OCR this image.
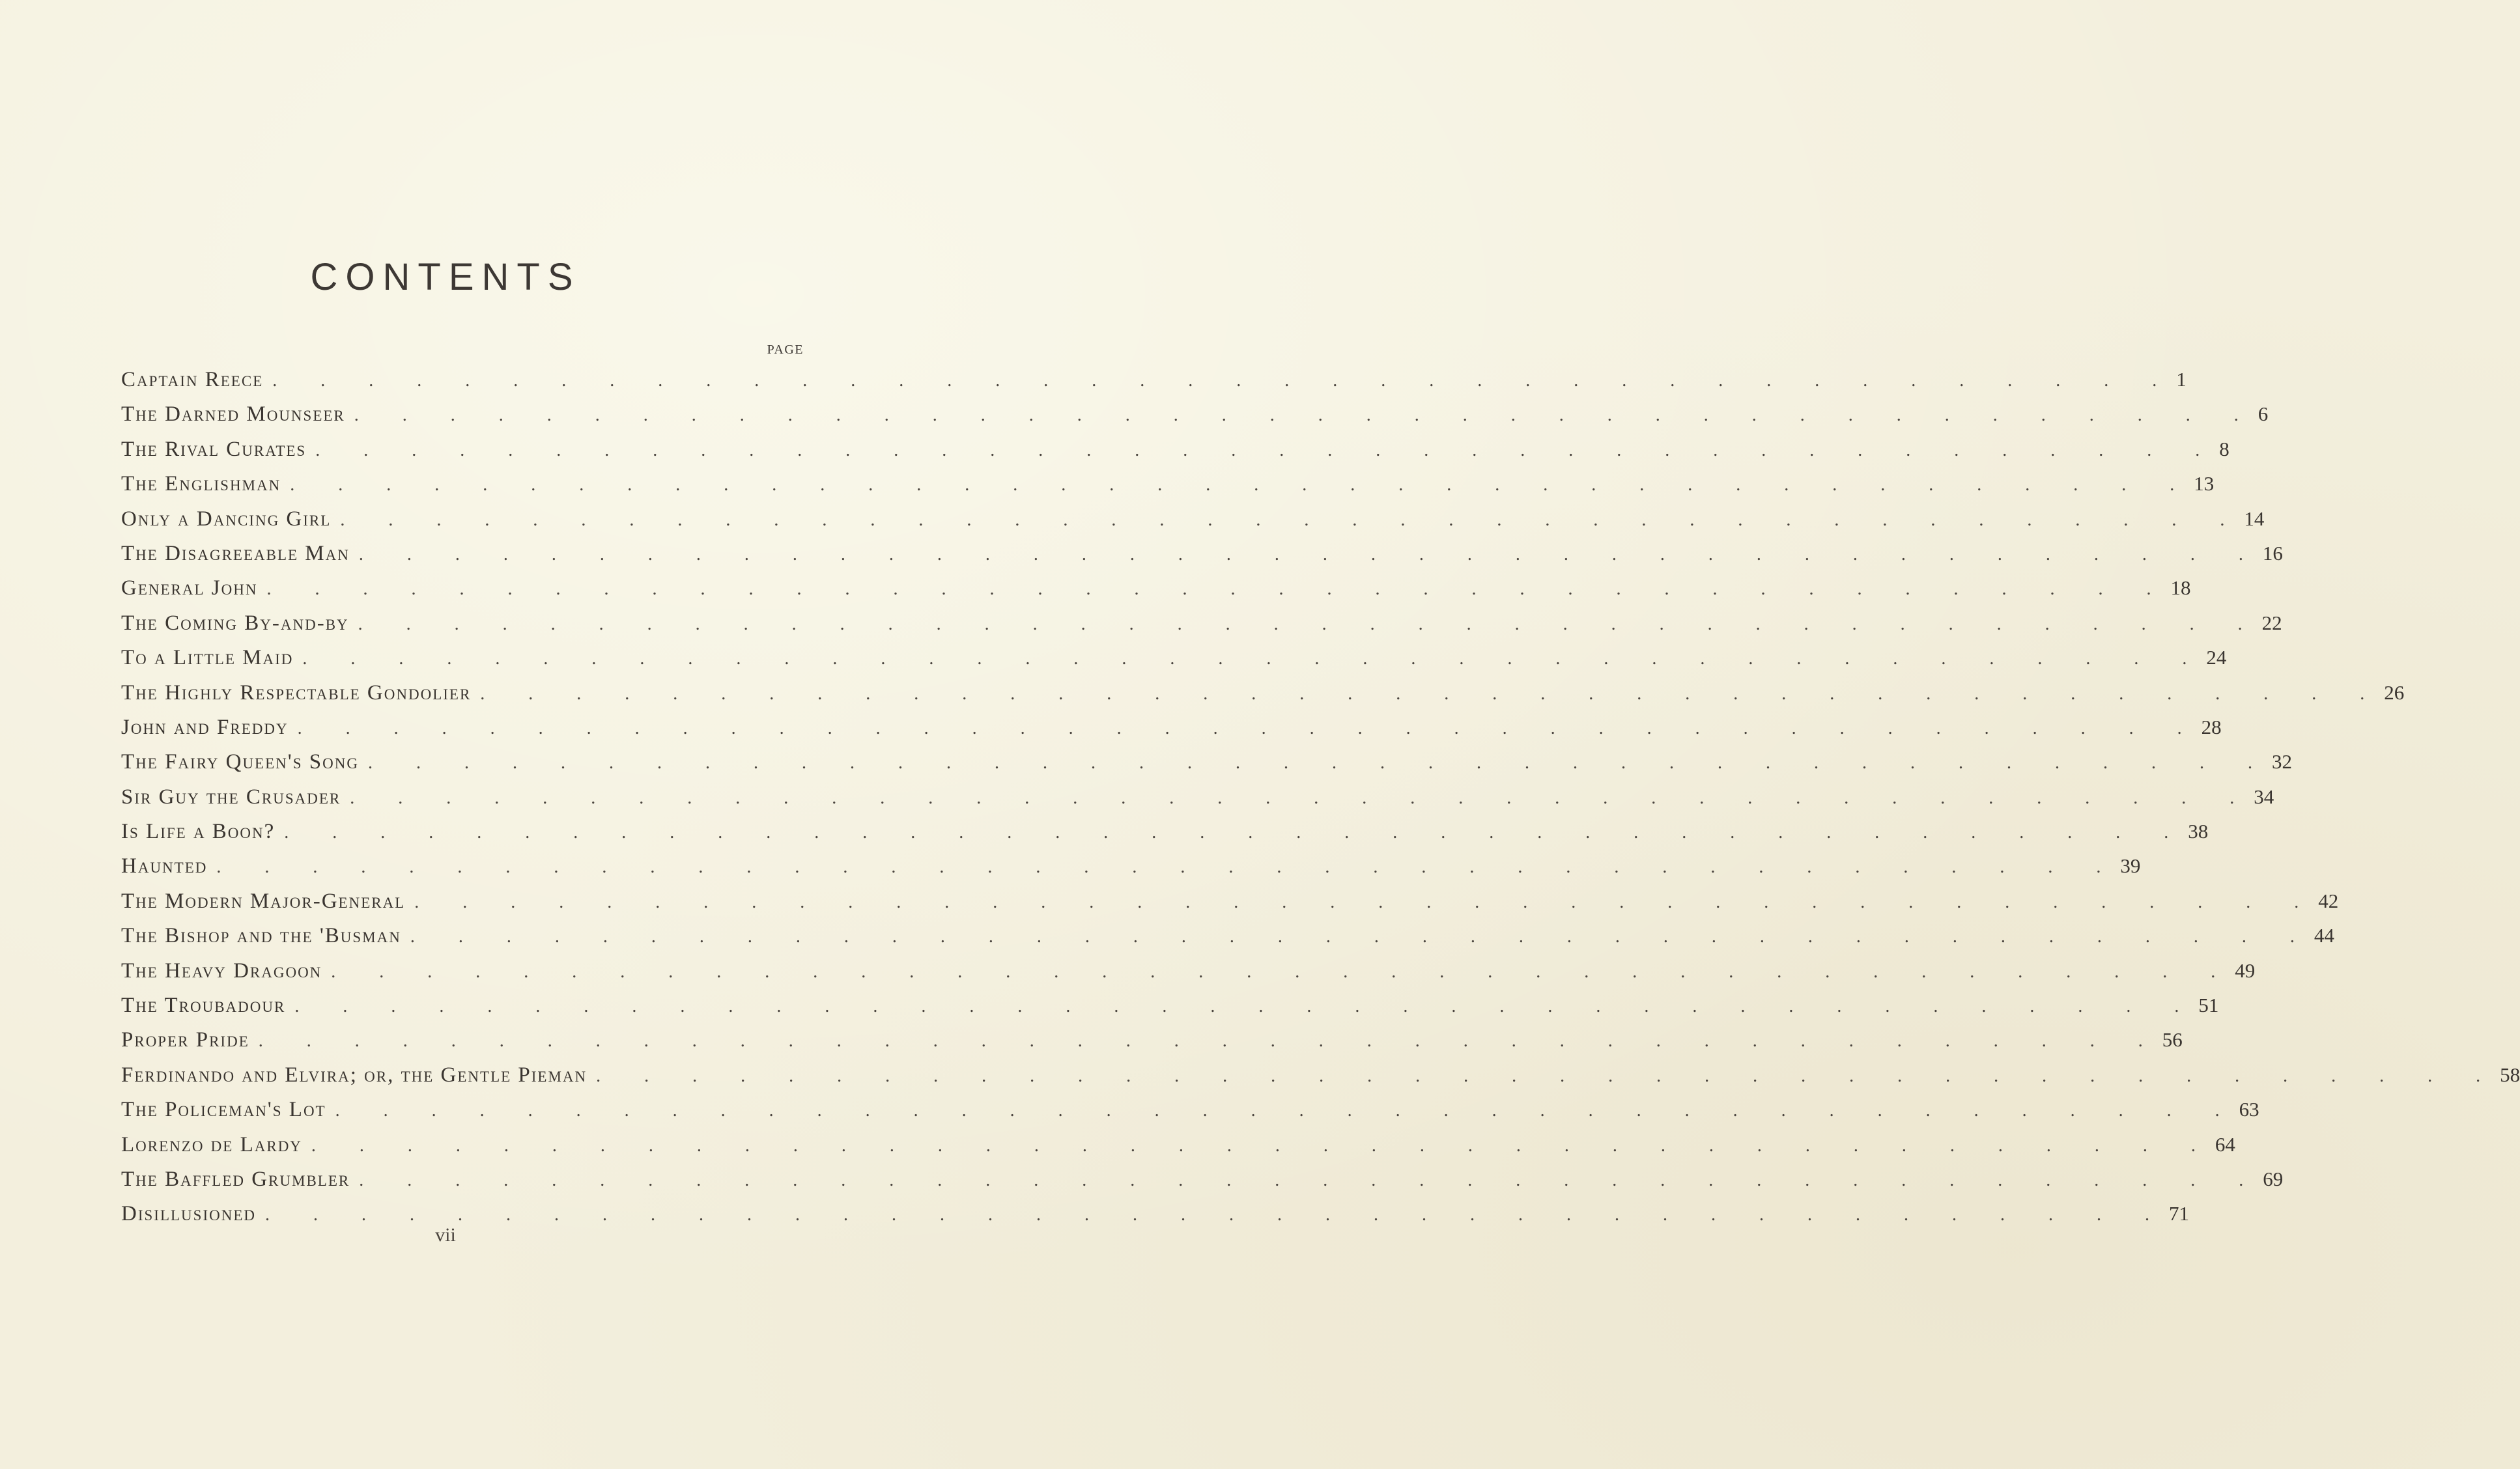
CONTENTS
PAGE
Captain Reece . . . . . . . . . . . . . . . . . . . . . . . . . . . . . . . . . . . . . . . . 1
The Darned Mounseer . . . . . . . . . . . . . . . . . . . . . . . . . . . . . . . . . . . . . . . . 6
The Rival Curates . . . . . . . . . . . . . . . . . . . . . . . . . . . . . . . . . . . . . . . . 8
The Englishman . . . . . . . . . . . . . . . . . . . . . . . . . . . . . . . . . . . . . . . . 13
Only a Dancing Girl . . . . . . . . . . . . . . . . . . . . . . . . . . . . . . . . . . . . . . . . 14
The Disagreeable Man . . . . . . . . . . . . . . . . . . . . . . . . . . . . . . . . . . . . . . . . 16
General John . . . . . . . . . . . . . . . . . . . . . . . . . . . . . . . . . . . . . . . . 18
The Coming By-and-by . . . . . . . . . . . . . . . . . . . . . . . . . . . . . . . . . . . . . . . . 22
To a Little Maid . . . . . . . . . . . . . . . . . . . . . . . . . . . . . . . . . . . . . . . . 24
The Highly Respectable Gondolier . . . . . . . . . . . . . . . . . . . . . . . . . . . . . . . . . . . . . . . . 26
John and Freddy . . . . . . . . . . . . . . . . . . . . . . . . . . . . . . . . . . . . . . . . 28
The Fairy Queen's Song . . . . . . . . . . . . . . . . . . . . . . . . . . . . . . . . . . . . . . . . 32
Sir Guy the Crusader . . . . . . . . . . . . . . . . . . . . . . . . . . . . . . . . . . . . . . . . 34
Is Life a Boon? . . . . . . . . . . . . . . . . . . . . . . . . . . . . . . . . . . . . . . . . 38
Haunted . . . . . . . . . . . . . . . . . . . . . . . . . . . . . . . . . . . . . . . . 39
The Modern Major-General . . . . . . . . . . . . . . . . . . . . . . . . . . . . . . . . . . . . . . . . 42
The Bishop and the 'Busman . . . . . . . . . . . . . . . . . . . . . . . . . . . . . . . . . . . . . . . . 44
The Heavy Dragoon . . . . . . . . . . . . . . . . . . . . . . . . . . . . . . . . . . . . . . . . 49
The Troubadour . . . . . . . . . . . . . . . . . . . . . . . . . . . . . . . . . . . . . . . . 51
Proper Pride . . . . . . . . . . . . . . . . . . . . . . . . . . . . . . . . . . . . . . . . 56
Ferdinando and Elvira; or, the Gentle Pieman . . . . . . . . . . . . . . . . . . . . . . . . . . . . . . . . . . . . . . . . 58
The Policeman's Lot . . . . . . . . . . . . . . . . . . . . . . . . . . . . . . . . . . . . . . . . 63
Lorenzo de Lardy . . . . . . . . . . . . . . . . . . . . . . . . . . . . . . . . . . . . . . . . 64
The Baffled Grumbler . . . . . . . . . . . . . . . . . . . . . . . . . . . . . . . . . . . . . . . . 69
Disillusioned . . . . . . . . . . . . . . . . . . . . . . . . . . . . . . . . . . . . . . . . 71
vii
